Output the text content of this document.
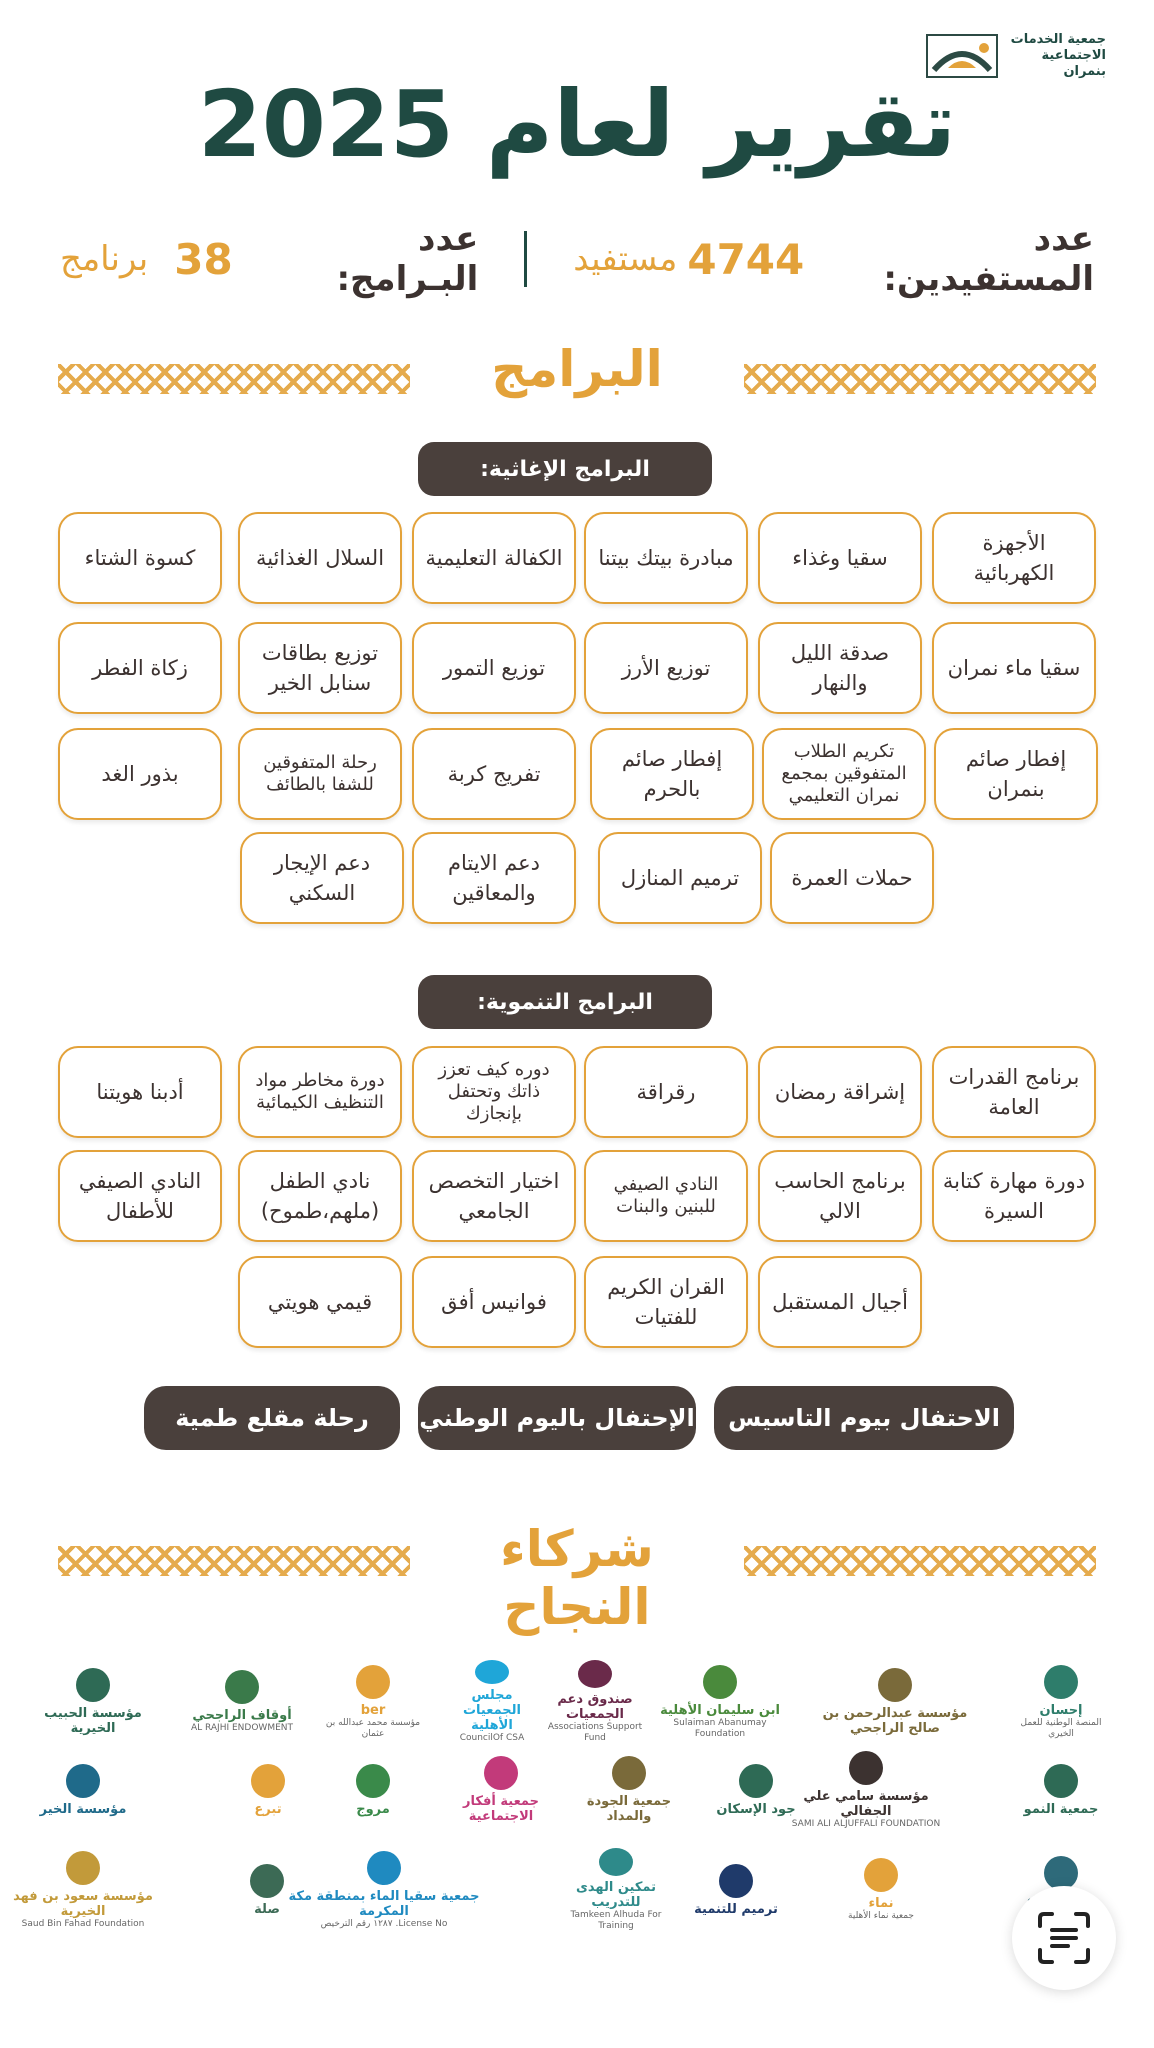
جمعية الخدمات
الاجتماعية بنمران
تقرير لعام 2025
عدد المستفيدين:
4744
مستفيد
عدد البـرامج:
38
برنامج
البرامج
البرامج الإغاثية:
الأجهزة الكهربائية
سقيا وغذاء
مبادرة بيتك بيتنا
الكفالة التعليمية
السلال الغذائية
كسوة الشتاء
سقيا ماء نمران
صدقة الليل والنهار
توزيع الأرز
توزيع التمور
توزيع بطاقات سنابل الخير
زكاة الفطر
إفطار صائم بنمران
تكريم الطلاب المتفوقين بمجمع نمران التعليمي
إفطار صائم بالحرم
تفريج كربة
رحلة المتفوقين للشفا بالطائف
بذور الغد
حملات العمرة
ترميم المنازل
دعم الايتام والمعاقين
دعم الإيجار السكني
البرامج التنموية:
برنامج القدرات العامة
إشراقة رمضان
رقراقة
دوره كيف تعزز ذاتك وتحتفل بإنجازك
دورة مخاطر مواد التنظيف الكيمائية
أدبنا هويتنا
دورة مهارة كتابة السيرة
برنامج الحاسب الالي
النادي الصيفي للبنين والبنات
اختيار التخصص الجامعي
نادي الطفل (ملهم،طموح)
النادي الصيفي للأطفال
أجيال المستقبل
القران الكريم للفتيات
فوانيس أفق
قيمي هويتي
الاحتفال بيوم التاسيس
الإحتفال باليوم الوطني
رحلة مقلع طمية
شركاء النجاح
إحسان
المنصة الوطنية للعمل الخيري
مؤسسة عبدالرحمن بن صالح الراجحي
ابن سليمان الأهلية
Sulaiman Abanumay Foundation
صندوق دعم الجمعيات
Associations Support Fund
مجلس الجمعيات الأهلية
CouncilOf CSA
ber
مؤسسة محمد عبدالله بن عثمان
أوقاف الراجحي
AL RAJHI ENDOWMENT
مؤسسة الحبيب الخيرية
جمعية النمو
مؤسسة سامي علي الجفالي
SAMI ALI ALJUFFALI FOUNDATION
جود الإسكان
جمعية الجودة والمداد
جمعية أفكار الاجتماعية
مروج
تبرع
مؤسسة الخير
نماء
جمعية نماء الأهلية
ترميم للتنمية
تمكين الهدى للتدريب
Tamkeen Alhuda For Training
جمعية سقيا الماء بمنطقة مكة المكرمة
License No. ١٢٨٧ رقم الترخيص
صلة
مؤسسة سعود بن فهد الخيرية
Saud Bin Fahad Foundation
